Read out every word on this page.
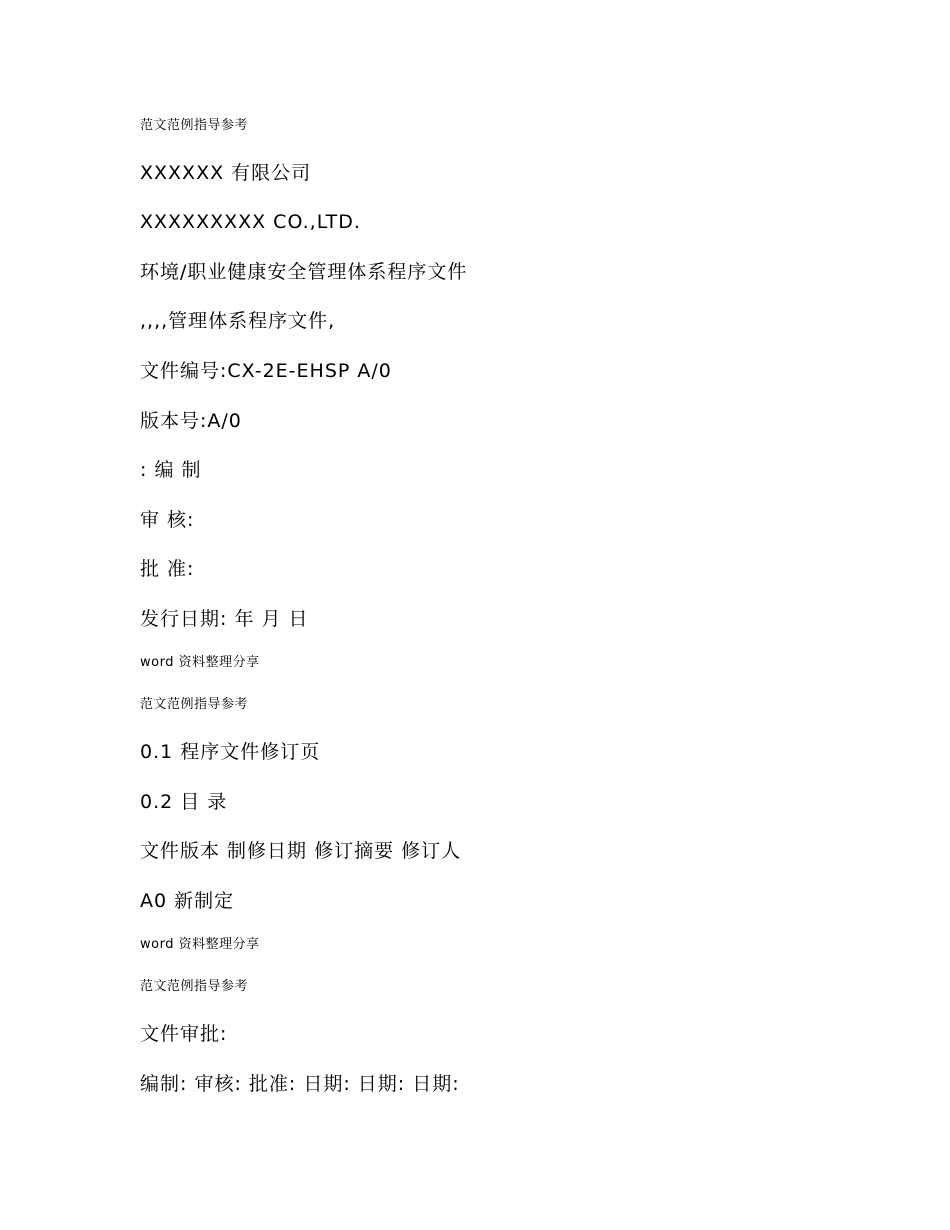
范文范例指导参考
XXXXXX 有限公司
XXXXXXXXX CO.,LTD.
环境/职业健康安全管理体系程序文件
,,,,管理体系程序文件,
文件编号:CX-2E-EHSP A/0
版本号:A/0
: 编 制
审 核:
批 准:
发行日期: 年 月 日
word 资料整理分享
范文范例指导参考
0.1 程序文件修订页
0.2 目 录
文件版本 制修日期 修订摘要 修订人
A0 新制定
word 资料整理分享
范文范例指导参考
文件审批:
编制: 审核: 批准: 日期: 日期: 日期:
